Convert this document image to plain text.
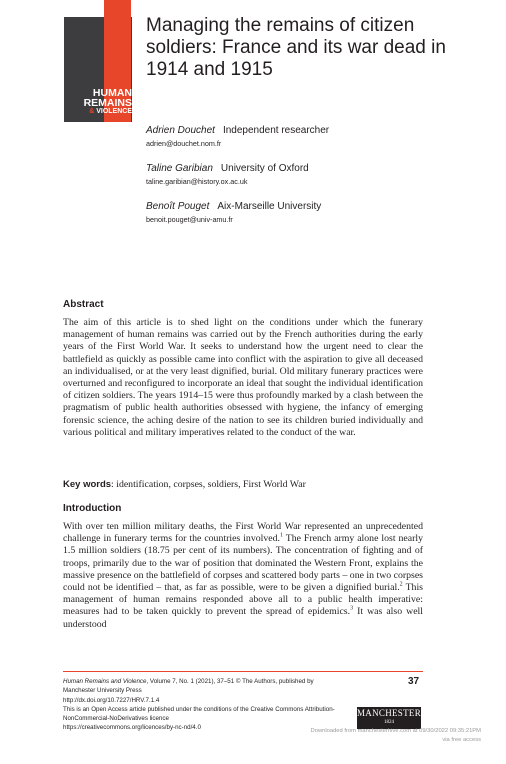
HUMAN
REMAINS
& VIOLENCE
Managing the remains of citizen soldiers: France and its war dead in 1914 and 1915
Adrien Douchet Independent researcher
adrien@douchet.nom.fr
Taline Garibian University of Oxford
taline.garibian@history.ox.ac.uk
Benoît Pouget Aix-Marseille University
benoit.pouget@univ-amu.fr
Abstract

The aim of this article is to shed light on the conditions under which the funerary management of human remains was carried out by the French authorities during the early years of the First World War. It seeks to understand how the urgent need to clear the battlefield as quickly as possible came into conflict with the aspiration to give all deceased an individualised, or at the very least dignified, burial. Old military funerary practices were overturned and reconfigured to incorporate an ideal that sought the individual identification of citizen soldiers. The years 1914–15 were thus profoundly marked by a clash between the pragmatism of public health authorities obsessed with hygiene, the infancy of emerging forensic science, the aching desire of the nation to see its children buried individually and various political and military imperatives related to the conduct of the war.

Key words: identification, corpses, soldiers, First World War

Introduction

With over ten million military deaths, the First World War represented an unprecedented challenge in funerary terms for the countries involved.$^1$ The French army alone lost nearly 1.5 million soldiers (18.75 per cent of its numbers). The concentration of fighting and of troops, primarily due to the war of position that dominated the Western Front, explains the massive presence on the battlefield of corpses and scattered body parts – one in two corpses could not be identified – that, as far as possible, were to be given a dignified burial.$^2$ This management of human remains responded above all to a public health imperative: measures had to be taken quickly to prevent the spread of epidemics.$^3$ It was also well understood

Human Remains and Violence, Volume 7, No. 1 (2021), 37–51 © The Authors, published by Manchester University Press
http://dx.doi.org/10.7227/HRV.7.1.4
This is an Open Access article published under the conditions of the Creative Commons Attribution-NonCommercial-NoDerivatives licence
https://creativecommons.org/licences/by-nc-nd/4.0
37
MANCHESTER
1824
Downloaded from manchesterhive.com at 09/30/2022 09:35:21PM
via free access
